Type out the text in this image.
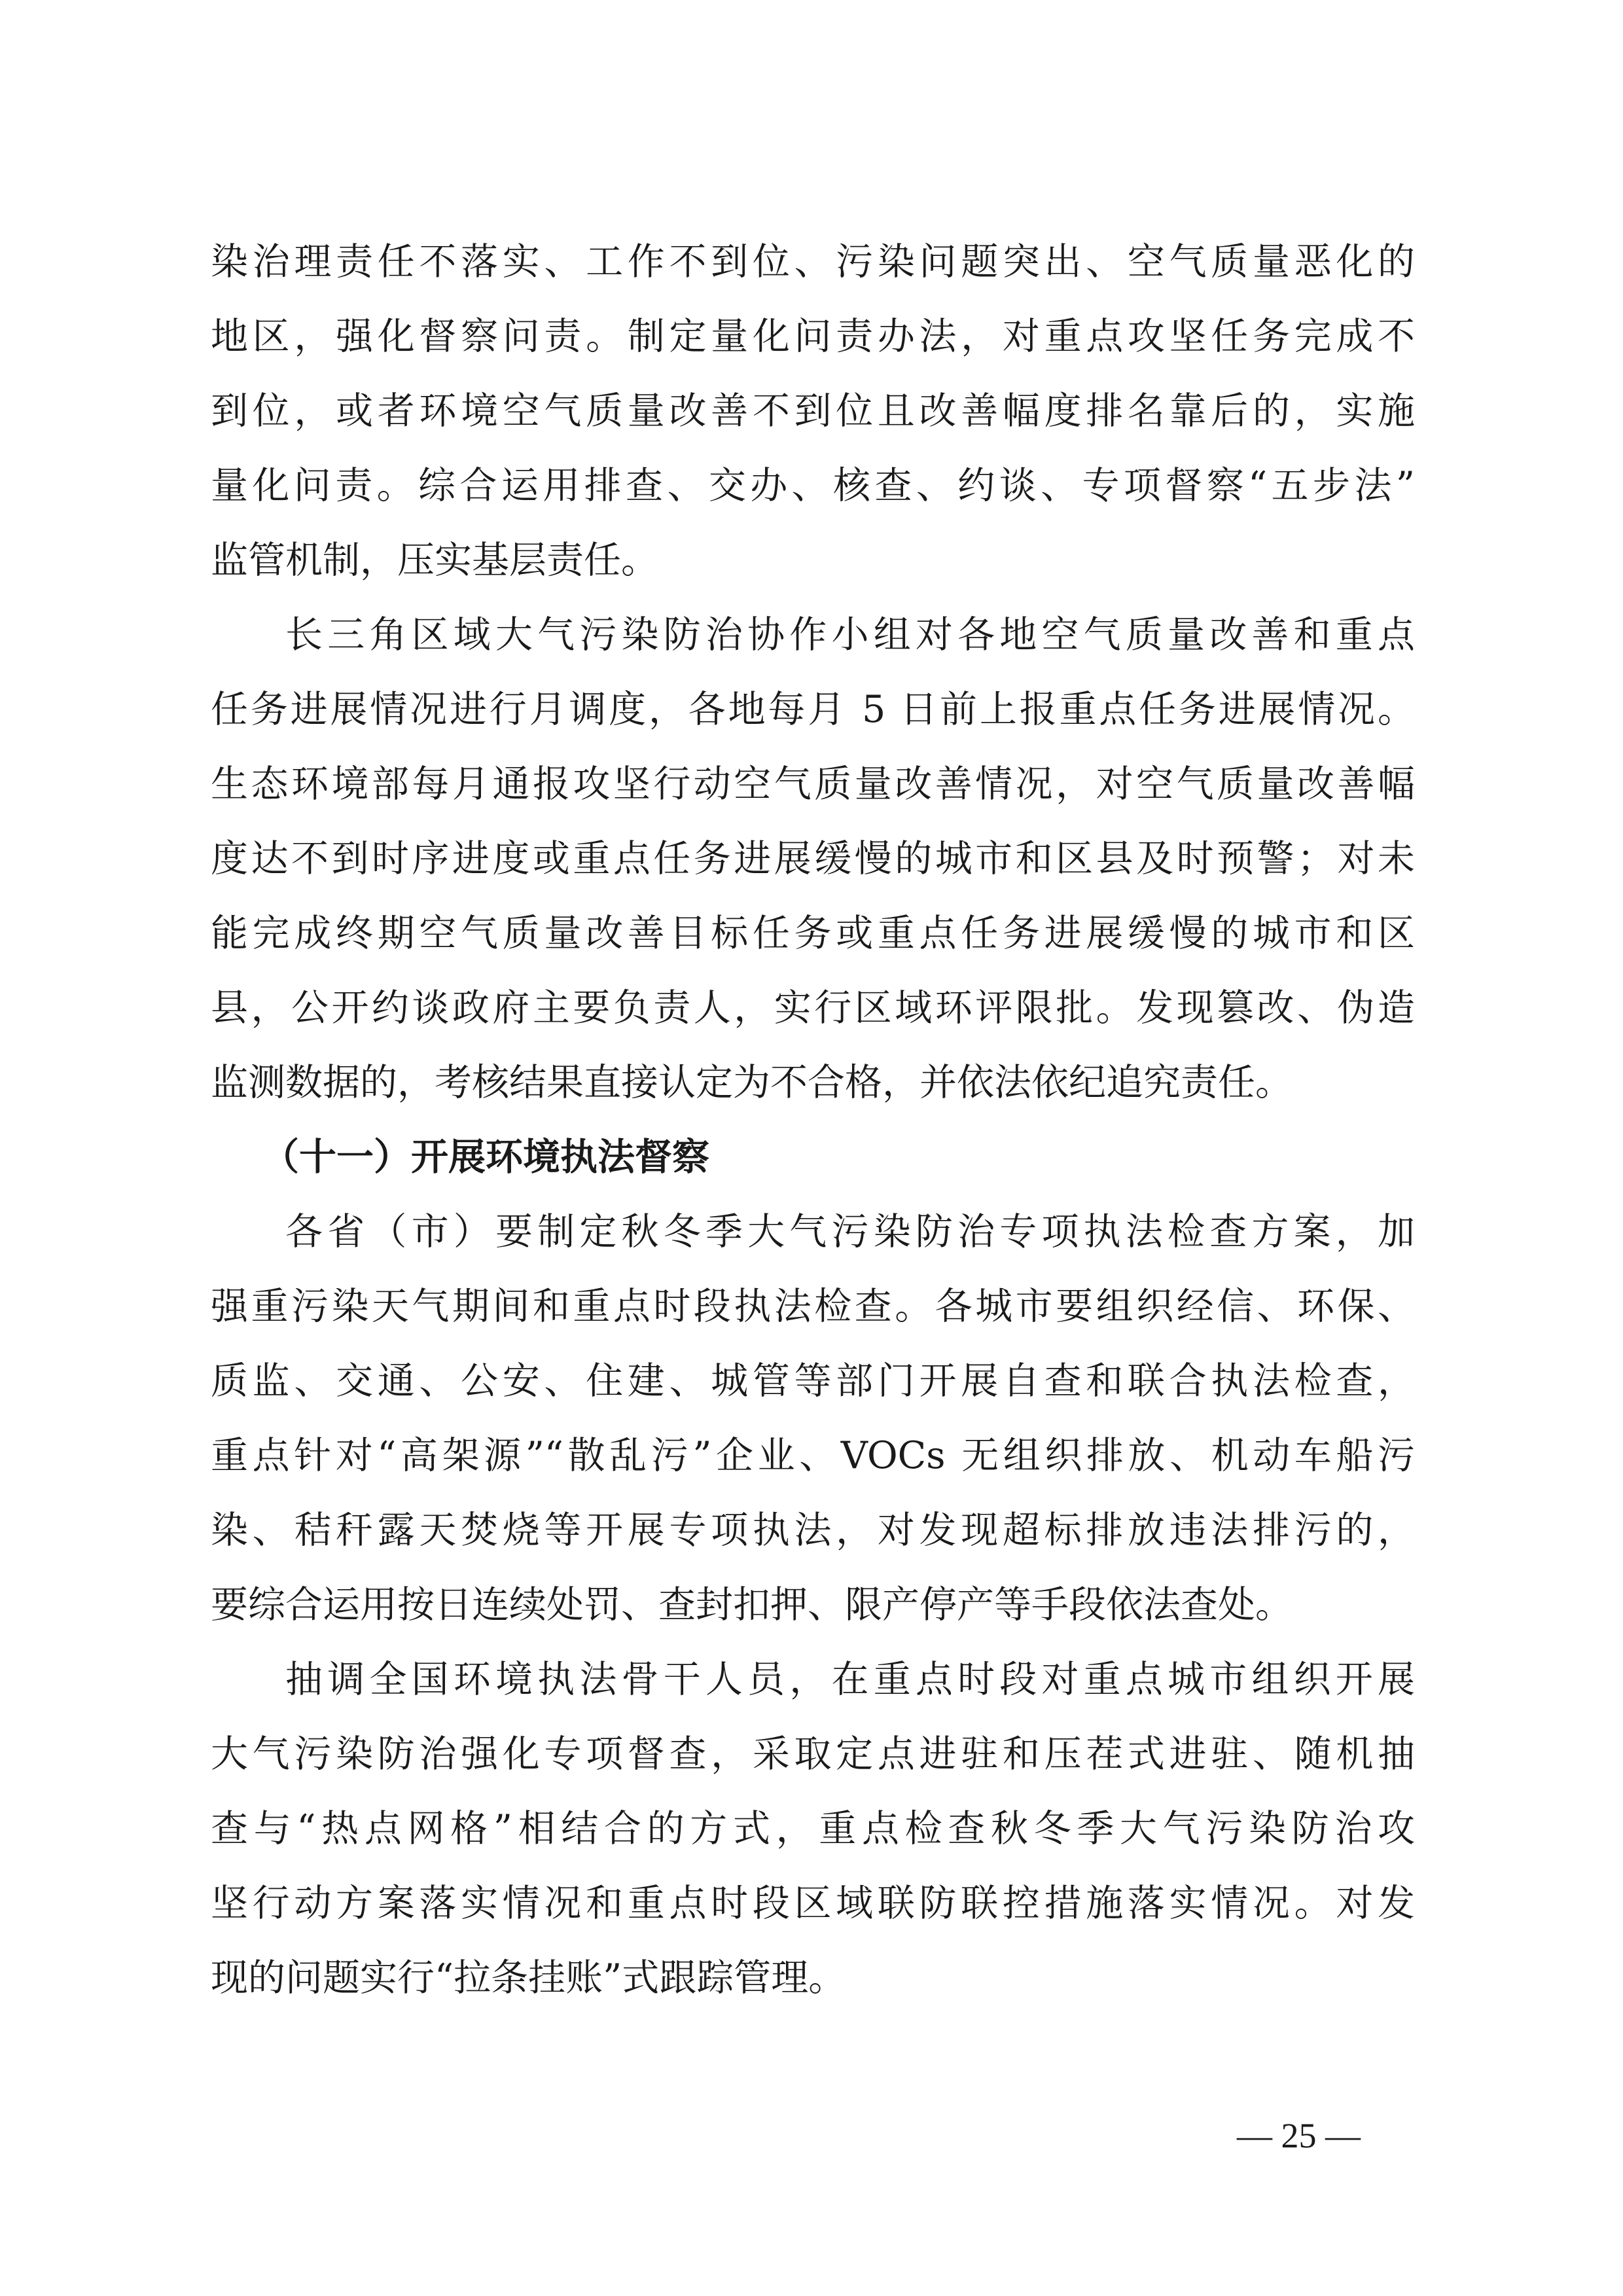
染治理责任不落实、工作不到位、污染问题突出、空气质量恶化的
地区，强化督察问责。制定量化问责办法，对重点攻坚任务完成不
到位，或者环境空气质量改善不到位且改善幅度排名靠后的，实施
量化问责。综合运用排查、交办、核查、约谈、专项督察“五步法”
监管机制，压实基层责任。
长三角区域大气污染防治协作小组对各地空气质量改善和重点
任务进展情况进行月调度，各地每月 5 日前上报重点任务进展情况。
生态环境部每月通报攻坚行动空气质量改善情况，对空气质量改善幅
度达不到时序进度或重点任务进展缓慢的城市和区县及时预警；对未
能完成终期空气质量改善目标任务或重点任务进展缓慢的城市和区
县，公开约谈政府主要负责人，实行区域环评限批。发现篡改、伪造
监测数据的，考核结果直接认定为不合格，并依法依纪追究责任。
（十一）开展环境执法督察
各省（市）要制定秋冬季大气污染防治专项执法检查方案，加
强重污染天气期间和重点时段执法检查。各城市要组织经信、环保、
质监、交通、公安、住建、城管等部门开展自查和联合执法检查，
重点针对“高架源”“散乱污”企业、VOCs 无组织排放、机动车船污
染、秸秆露天焚烧等开展专项执法，对发现超标排放违法排污的，
要综合运用按日连续处罚、查封扣押、限产停产等手段依法查处。
抽调全国环境执法骨干人员，在重点时段对重点城市组织开展
大气污染防治强化专项督查，采取定点进驻和压茬式进驻、随机抽
查与“热点网格”相结合的方式，重点检查秋冬季大气污染防治攻
坚行动方案落实情况和重点时段区域联防联控措施落实情况。对发
现的问题实行“拉条挂账”式跟踪管理。
— 25 —
